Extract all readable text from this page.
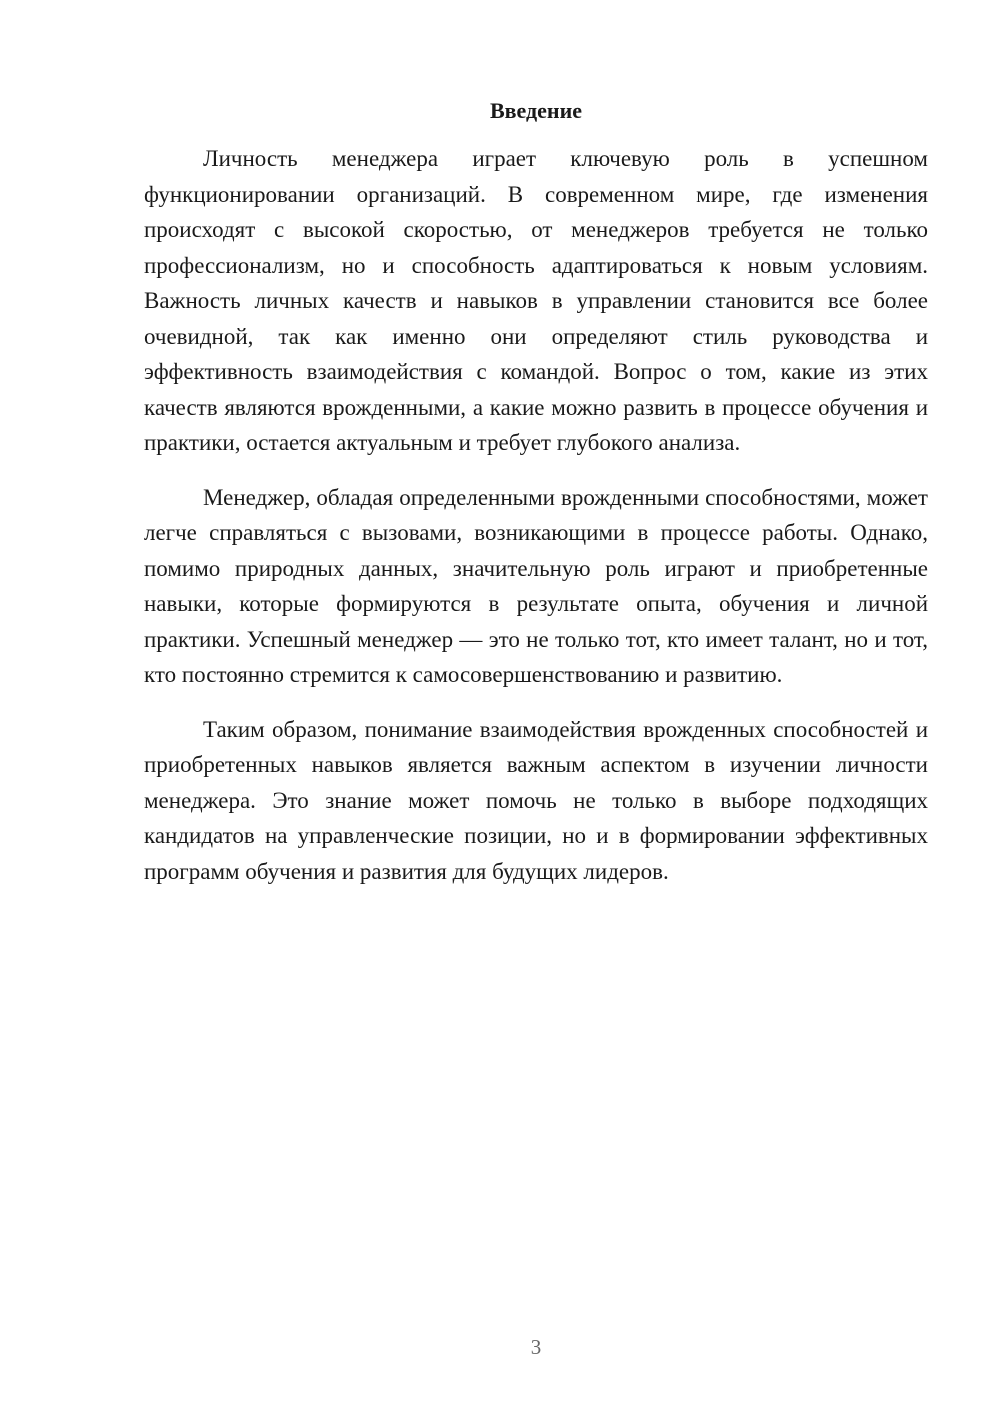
Введение

Личность менеджера играет ключевую роль в успешном функционировании организаций. В современном мире, где изменения происходят с высокой скоростью, от менеджеров требуется не только профессионализм, но и способность адаптироваться к новым условиям. Важность личных качеств и навыков в управлении становится все более очевидной, так как именно они определяют стиль руководства и эффективность взаимодействия с командой. Вопрос о том, какие из этих качеств являются врожденными, а какие можно развить в процессе обучения и практики, остается актуальным и требует глубокого анализа.

Менеджер, обладая определенными врожденными способностями, может легче справляться с вызовами, возникающими в процессе работы. Однако, помимо природных данных, значительную роль играют и приобретенные навыки, которые формируются в результате опыта, обучения и личной практики. Успешный менеджер — это не только тот, кто имеет талант, но и тот, кто постоянно стремится к самосовершенствованию и развитию.

Таким образом, понимание взаимодействия врожденных способностей и приобретенных навыков является важным аспектом в изучении личности менеджера. Это знание может помочь не только в выборе подходящих кандидатов на управленческие позиции, но и в формировании эффективных программ обучения и развития для будущих лидеров.

3
